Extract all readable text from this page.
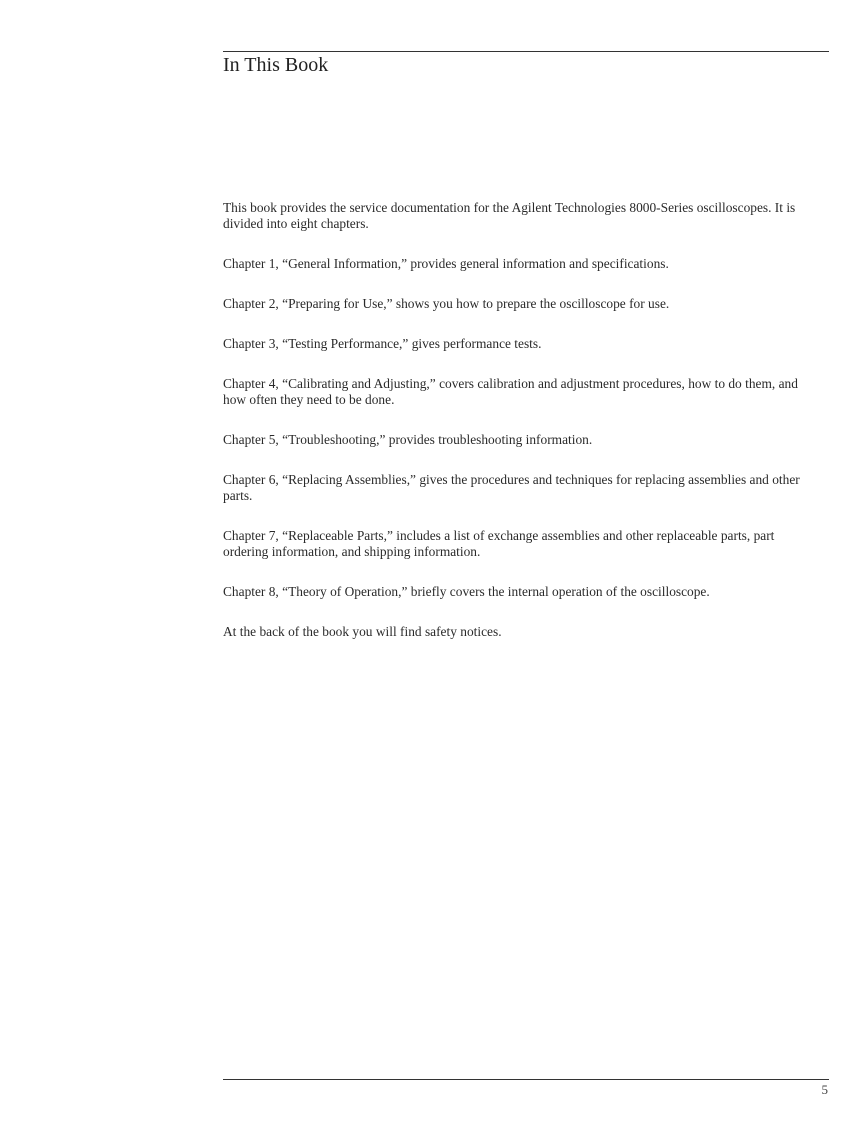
In This Book

This book provides the service documentation for the Agilent Technologies 8000-Series oscilloscopes. It is divided into eight chapters.

Chapter 1, “General Information,” provides general information and specifications.

Chapter 2, “Preparing for Use,” shows you how to prepare the oscilloscope for use.

Chapter 3, “Testing Performance,” gives performance tests.

Chapter 4, “Calibrating and Adjusting,” covers calibration and adjustment procedures, how to do them, and how often they need to be done.

Chapter 5, “Troubleshooting,” provides troubleshooting information.

Chapter 6, “Replacing Assemblies,” gives the procedures and techniques for replacing assemblies and other parts.

Chapter 7, “Replaceable Parts,” includes a list of exchange assemblies and other replaceable parts, part ordering information, and shipping information.

Chapter 8, “Theory of Operation,” briefly covers the internal operation of the oscilloscope.

At the back of the book you will find safety notices.

5
